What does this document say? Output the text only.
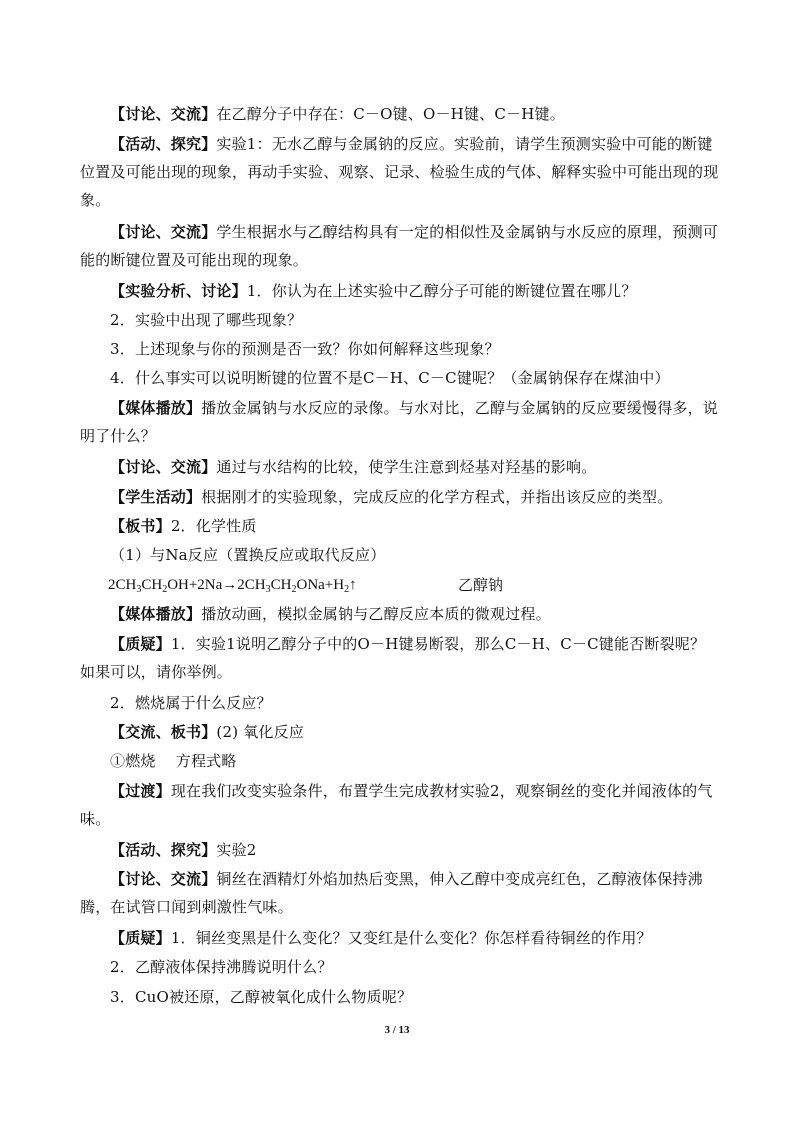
【讨论、交流】在乙醇分子中存在：C－O键、O－H键、C－H键。

【活动、探究】实验1：无水乙醇与金属钠的反应。实验前，请学生预测实验中可能的断键位置及可能出现的现象，再动手实验、观察、记录、检验生成的气体、解释实验中可能出现的现象。

【讨论、交流】学生根据水与乙醇结构具有一定的相似性及金属钠与水反应的原理，预测可能的断键位置及可能出现的现象。

【实验分析、讨论】1．你认为在上述实验中乙醇分子可能的断键位置在哪儿？

2．实验中出现了哪些现象？

3．上述现象与你的预测是否一致？你如何解释这些现象？

4．什么事实可以说明断键的位置不是C－H、C－C键呢？（金属钠保存在煤油中）

【媒体播放】播放金属钠与水反应的录像。与水对比，乙醇与金属钠的反应要缓慢得多，说明了什么？

【讨论、交流】通过与水结构的比较，使学生注意到烃基对羟基的影响。

【学生活动】根据刚才的实验现象，完成反应的化学方程式，并指出该反应的类型。

【板书】2．化学性质

（1）与Na反应（置换反应或取代反应）

$2CH_3CH_2OH+2Na\to 2CH_3CH_2ONa+H_2↑$	乙醇钠

【媒体播放】播放动画，模拟金属钠与乙醇反应本质的微观过程。

【质疑】1．实验1说明乙醇分子中的O－H键易断裂，那么C－H、C－C键能否断裂呢？如果可以，请你举例。

2．燃烧属于什么反应？

【交流、板书】(2) 氧化反应

①燃烧　 方程式略

【过渡】现在我们改变实验条件，布置学生完成教材实验2，观察铜丝的变化并闻液体的气味。

【活动、探究】实验2

【讨论、交流】铜丝在酒精灯外焰加热后变黑，伸入乙醇中变成亮红色，乙醇液体保持沸腾，在试管口闻到刺激性气味。

【质疑】1．铜丝变黑是什么变化？又变红是什么变化？你怎样看待铜丝的作用？

2．乙醇液体保持沸腾说明什么？

3．CuO被还原，乙醇被氧化成什么物质呢？

3 / 13
